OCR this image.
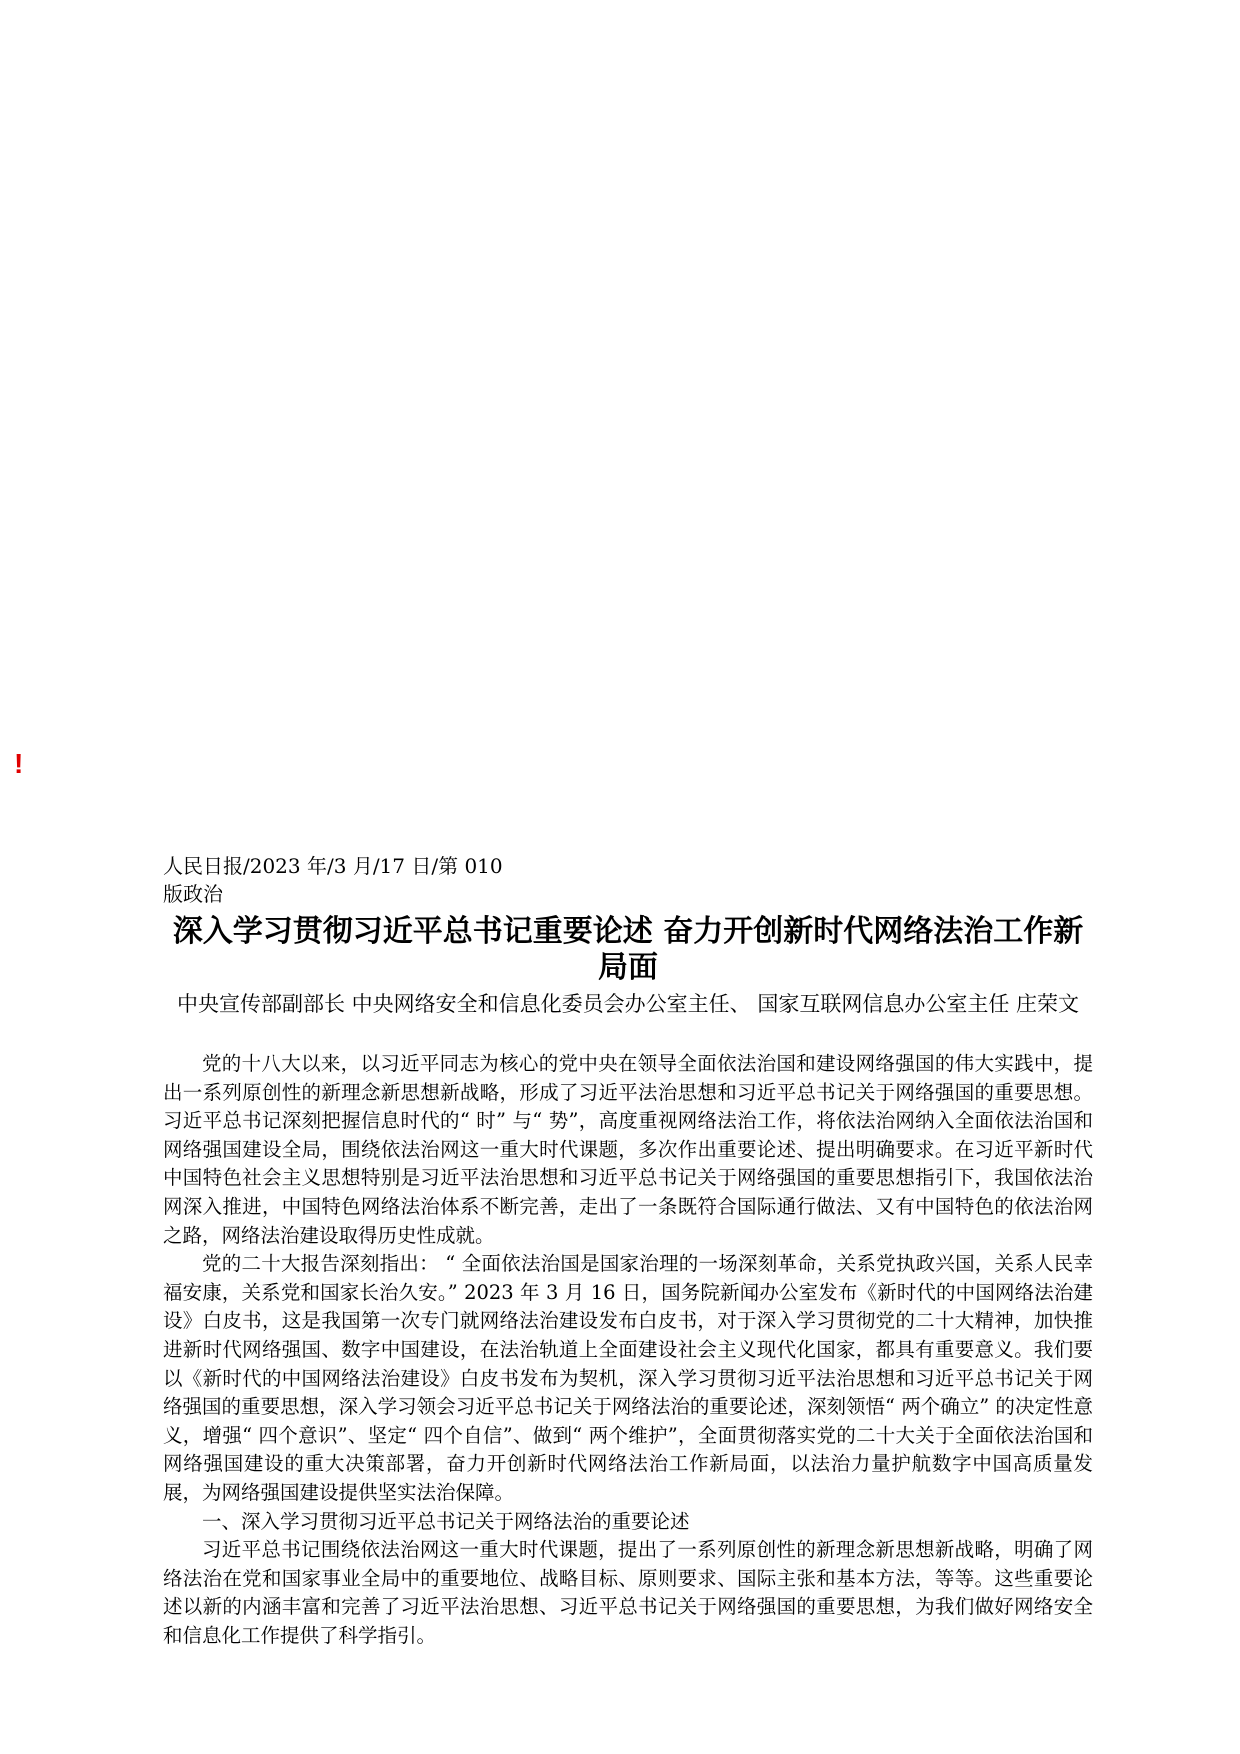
!

人民日报/2023 年/3 月/17 日/第 010 版政治

深入学习贯彻习近平总书记重要论述 奋力开创新时代网络法治工作新局面

中央宣传部副部长 中央网络安全和信息化委员会办公室主任、 国家互联网信息办公室主任 庄荣文

党的十八大以来，以习近平同志为核心的党中央在领导全面依法治国和建设网络强国的伟大实践中，提出一系列原创性的新理念新思想新战略，形成了习近平法治思想和习近平总书记关于网络强国的重要思想。习近平总书记深刻把握信息时代的“ 时” 与“ 势”，高度重视网络法治工作，将依法治网纳入全面依法治国和网络强国建设全局，围绕依法治网这一重大时代课题，多次作出重要论述、提出明确要求。在习近平新时代中国特色社会主义思想特别是习近平法治思想和习近平总书记关于网络强国的重要思想指引下，我国依法治网深入推进，中国特色网络法治体系不断完善，走出了一条既符合国际通行做法、又有中国特色的依法治网之路，网络法治建设取得历史性成就。

党的二十大报告深刻指出： “ 全面依法治国是国家治理的一场深刻革命，关系党执政兴国，关系人民幸福安康，关系党和国家长治久安。” 2023 年 3 月 16 日，国务院新闻办公室发布《新时代的中国网络法治建设》白皮书，这是我国第一次专门就网络法治建设发布白皮书，对于深入学习贯彻党的二十大精神，加快推进新时代网络强国、数字中国建设，在法治轨道上全面建设社会主义现代化国家，都具有重要意义。我们要以《新时代的中国网络法治建设》白皮书发布为契机，深入学习贯彻习近平法治思想和习近平总书记关于网络强国的重要思想，深入学习领会习近平总书记关于网络法治的重要论述，深刻领悟“ 两个确立” 的决定性意义，增强“ 四个意识”、坚定“ 四个自信”、做到“ 两个维护”，全面贯彻落实党的二十大关于全面依法治国和网络强国建设的重大决策部署，奋力开创新时代网络法治工作新局面，以法治力量护航数字中国高质量发展，为网络强国建设提供坚实法治保障。

一、深入学习贯彻习近平总书记关于网络法治的重要论述

习近平总书记围绕依法治网这一重大时代课题，提出了一系列原创性的新理念新思想新战略，明确了网络法治在党和国家事业全局中的重要地位、战略目标、原则要求、国际主张和基本方法，等等。这些重要论述以新的内涵丰富和完善了习近平法治思想、习近平总书记关于网络强国的重要思想，为我们做好网络安全和信息化工作提供了科学指引。
